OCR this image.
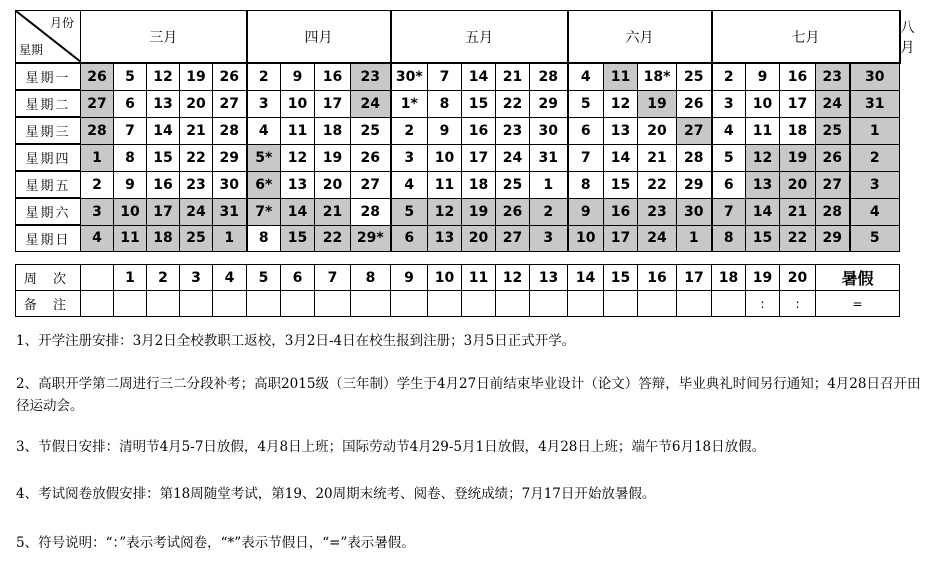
月份
星期	三月					四月				五月					六月				七月					八月
星期一	26	5	12	19	26	2	9	16	23	30*	7	14	21	28	4	11	18*	25	2	9	16	23	30	
星期二	27	6	13	20	27	3	10	17	24	1*	8	15	22	29	5	12	19	26	3	10	17	24	31	
星期三	28	7	14	21	28	4	11	18	25	2	9	16	23	30	6	13	20	27	4	11	18	25	1	
星期四	1	8	15	22	29	5*	12	19	26	3	10	17	24	31	7	14	21	28	5	12	19	26	2	
星期五	2	9	16	23	30	6*	13	20	27	4	11	18	25	1	8	15	22	29	6	13	20	27	3	
星期六	3	10	17	24	31	7*	14	21	28	5	12	19	26	2	9	16	23	30	7	14	21	28	4	
星期日	4	11	18	25	1	8	15	22	29*	6	13	20	27	3	10	17	24	1	8	15	22	29	5	
周 次		1	2	3	4	5	6	7	8	9	10	11	12	13	14	15	16	17	18	19	20	暑假
备 注																				:	:	=
1、开学注册安排：3月2日全校教职工返校，3月2日-4日在校生报到注册；3月5日正式开学。
2、高职开学第二周进行三二分段补考；高职2015级（三年制）学生于4月27日前结束毕业设计（论文）答辩，毕业典礼时间另行通知；4月28日召开田径运动会。
3、节假日安排：清明节4月5-7日放假，4月8日上班；国际劳动节4月29-5月1日放假，4月28日上班；端午节6月18日放假。
4、考试阅卷放假安排：第18周随堂考试，第19、20周期末统考、阅卷、登统成绩；7月17日开始放暑假。
5、符号说明：“：”表示考试阅卷，“*”表示节假日，“=”表示暑假。
